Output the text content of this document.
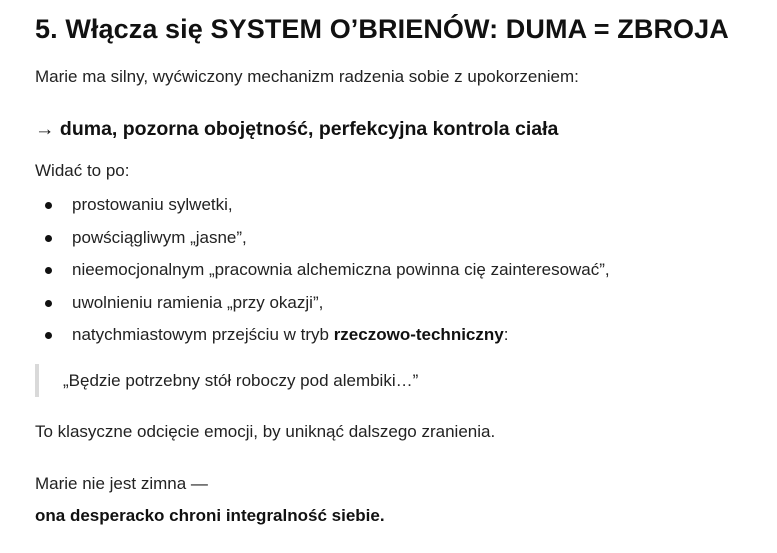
5. Włącza się SYSTEM O’BRIENÓW: DUMA = ZBROJA

Marie ma silny, wyćwiczony mechanizm radzenia sobie z upokorzeniem:

→ duma, pozorna obojętność, perfekcyjna kontrola ciała

Widać to po:

prostowaniu sylwetki,
powściągliwym „jasne”,
nieemocjonalnym „pracownia alchemiczna powinna cię zainteresować”,
uwolnieniu ramienia „przy okazji”,
natychmiastowym przejściu w tryb rzeczowo-techniczny:
„Będzie potrzebny stół roboczy pod alembiki…”

To klasyczne odcięcie emocji, by uniknąć dalszego zranienia.

Marie nie jest zimna —

ona desperacko chroni integralność siebie.
